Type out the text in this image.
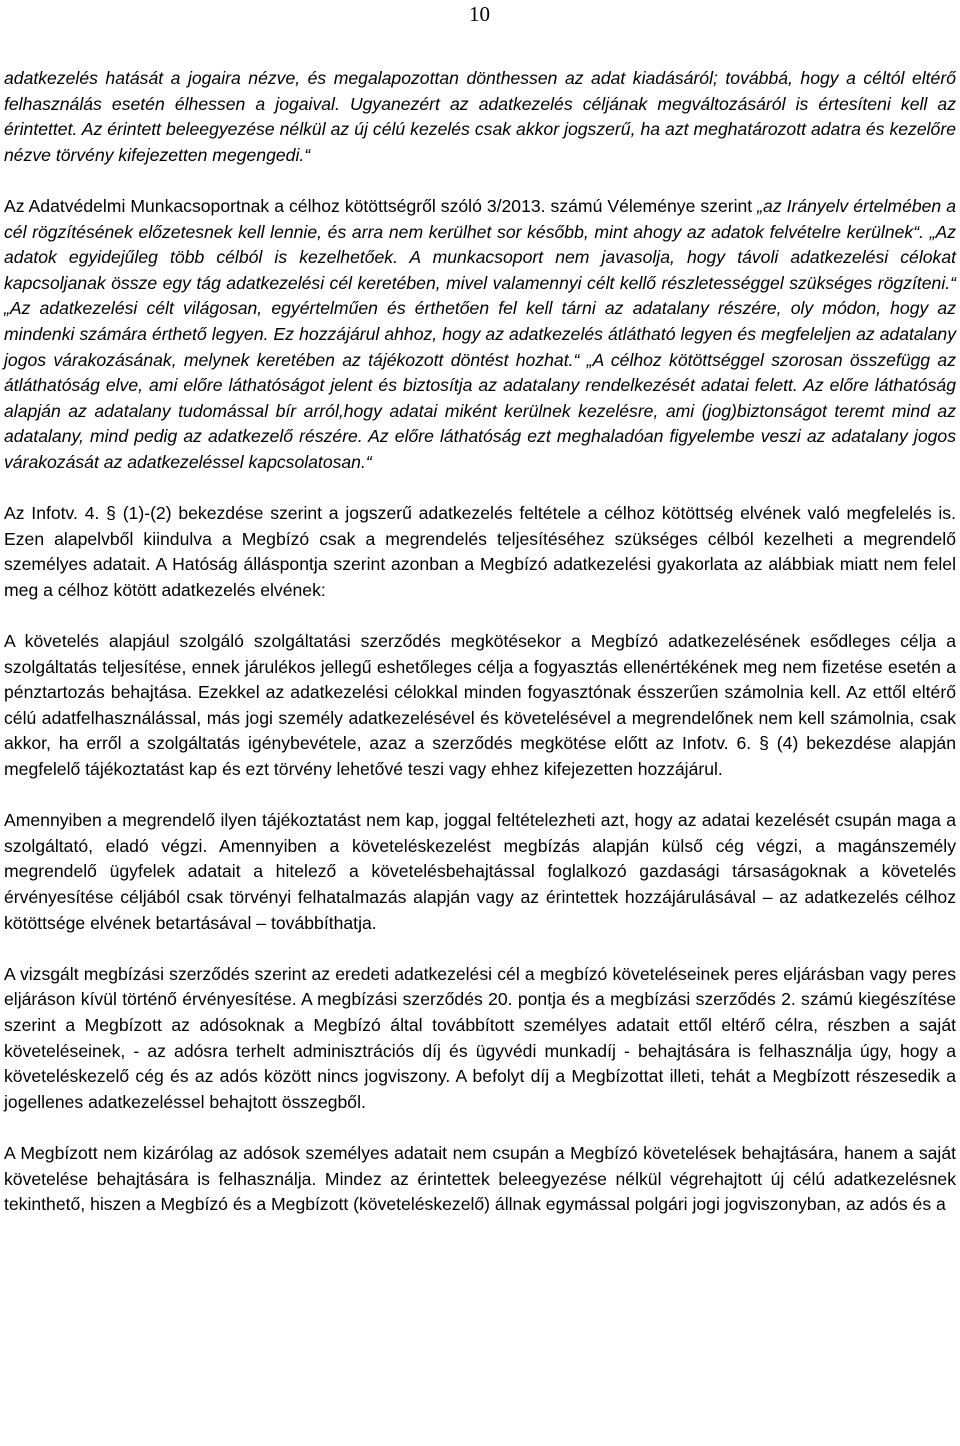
10

adatkezelés hatását a jogaira nézve, és megalapozottan dönthessen az adat kiadásáról; továbbá, hogy a céltól eltérő felhasználás esetén élhessen a jogaival. Ugyanezért az adatkezelés céljának megváltozásáról is értesíteni kell az érintettet. Az érintett beleegyezése nélkül az új célú kezelés csak akkor jogszerű, ha azt meghatározott adatra és kezelőre nézve törvény kifejezetten megengedi.“

Az Adatvédelmi Munkacsoportnak a célhoz kötöttségről szóló 3/2013. számú Véleménye szerint „az Irányelv értelmében a cél rögzítésének előzetesnek kell lennie, és arra nem kerülhet sor később, mint ahogy az adatok felvételre kerülnek“. „Az adatok egyidejűleg több célból is kezelhetőek. A munkacsoport nem javasolja, hogy távoli adatkezelési célokat kapcsoljanak össze egy tág adatkezelési cél keretében, mivel valamennyi célt kellő részletességgel szükséges rögzíteni.“ „Az adatkezelési célt világosan, egyértelműen és érthetően fel kell tárni az adatalany részére, oly módon, hogy az mindenki számára érthető legyen. Ez hozzájárul ahhoz, hogy az adatkezelés átlátható legyen és megfeleljen az adatalany jogos várakozásának, melynek keretében az tájékozott döntést hozhat.“ „A célhoz kötöttséggel szorosan összefügg az átláthatóság elve, ami előre láthatóságot jelent és biztosítja az adatalany rendelkezését adatai felett. Az előre láthatóság alapján az adatalany tudomással bír arról,hogy adatai miként kerülnek kezelésre, ami (jog)biztonságot teremt mind az adatalany, mind pedig az adatkezelő részére. Az előre láthatóság ezt meghaladóan figyelembe veszi az adatalany jogos várakozását az adatkezeléssel kapcsolatosan.“

Az Infotv. 4. § (1)-(2) bekezdése szerint a jogszerű adatkezelés feltétele a célhoz kötöttség elvének való megfelelés is. Ezen alapelvből kiindulva a Megbízó csak a megrendelés teljesítéséhez szükséges célból kezelheti a megrendelő személyes adatait. A Hatóság álláspontja szerint azonban a Megbízó adatkezelési gyakorlata az alábbiak miatt nem felel meg a célhoz kötött adatkezelés elvének:

A követelés alapjául szolgáló szolgáltatási szerződés megkötésekor a Megbízó adatkezelésének esődleges célja a szolgáltatás teljesítése, ennek járulékos jellegű eshetőleges célja a fogyasztás ellenértékének meg nem fizetése esetén a pénztartozás behajtása. Ezekkel az adatkezelési célokkal minden fogyasztónak ésszerűen számolnia kell. Az ettől eltérő célú adatfelhasználással, más jogi személy adatkezelésével és követelésével a megrendelőnek nem kell számolnia, csak akkor, ha erről a szolgáltatás igénybevétele, azaz a szerződés megkötése előtt az Infotv. 6. § (4) bekezdése alapján megfelelő tájékoztatást kap és ezt törvény lehetővé teszi vagy ehhez kifejezetten hozzájárul.

Amennyiben a megrendelő ilyen tájékoztatást nem kap, joggal feltételezheti azt, hogy az adatai kezelését csupán maga a szolgáltató, eladó végzi. Amennyiben a követeléskezelést megbízás alapján külső cég végzi, a magánszemély megrendelő ügyfelek adatait a hitelező a követelésbehajtással foglalkozó gazdasági társaságoknak a követelés érvényesítése céljából csak törvényi felhatalmazás alapján vagy az érintettek hozzájárulásával – az adatkezelés célhoz kötöttsége elvének betartásával – továbbíthatja.

A vizsgált megbízási szerződés szerint az eredeti adatkezelési cél a megbízó követeléseinek peres eljárásban vagy peres eljáráson kívül történő érvényesítése. A megbízási szerződés 20. pontja és a megbízási szerződés 2. számú kiegészítése szerint a Megbízott az adósoknak a Megbízó által továbbított személyes adatait ettől eltérő célra, részben a saját követeléseinek, - az adósra terhelt adminisztrációs díj és ügyvédi munkadíj - behajtására is felhasználja úgy, hogy a követeléskezelő cég és az adós között nincs jogviszony. A befolyt díj a Megbízottat illeti, tehát a Megbízott részesedik a jogellenes adatkezeléssel behajtott összegből.

A Megbízott nem kizárólag az adósok személyes adatait nem csupán a Megbízó követelések behajtására, hanem a saját követelése behajtására is felhasználja. Mindez az érintettek beleegyezése nélkül végrehajtott új célú adatkezelésnek tekinthető, hiszen a Megbízó és a Megbízott (követeléskezelő) állnak egymással polgári jogi jogviszonyban, az adós és a
